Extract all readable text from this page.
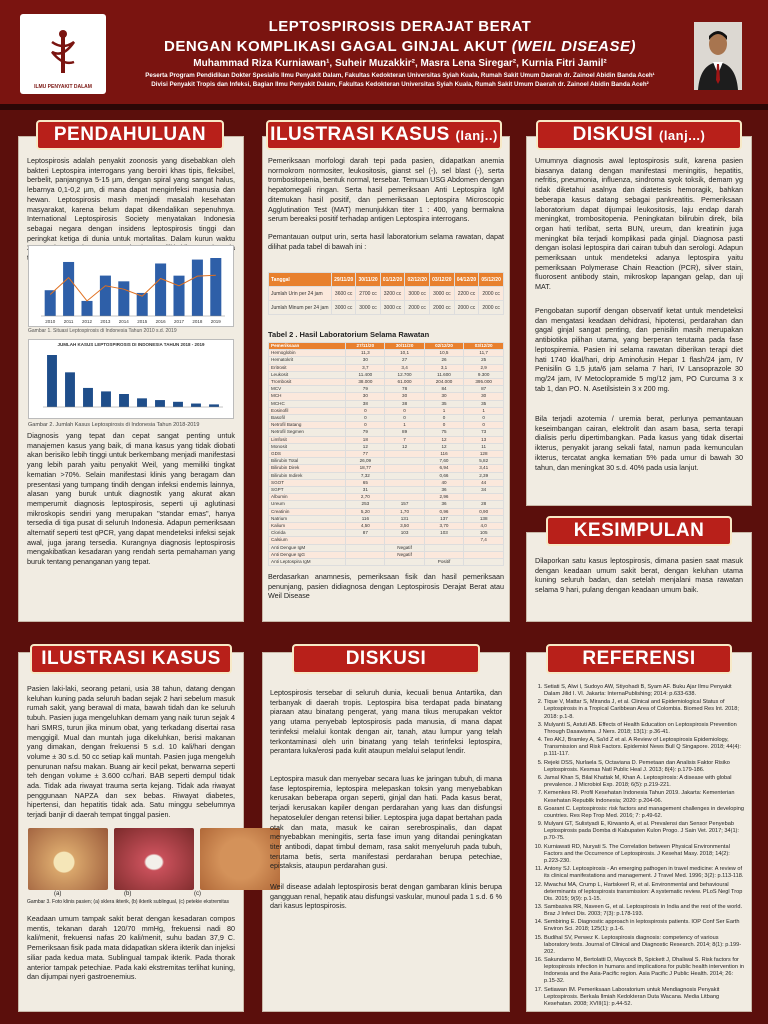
ILMU PENYAKIT DALAM
LEPTOSPIROSIS DERAJAT BERAT
DENGAN KOMPLIKASI GAGAL GINJAL AKUT (WEIL DISEASE)
Muhammad Riza Kurniawan¹, Suheir Muzakkir², Masra Lena Siregar², Kurnia Fitri Jamil²
Peserta Program Pendidikan Dokter Spesialis Ilmu Penyakit Dalam, Fakultas Kedokteran Universitas Syiah Kuala, Rumah Sakit Umum Daerah dr. Zainoel Abidin Banda Aceh¹
Divisi Penyakit Tropis dan Infeksi, Bagian Ilmu Penyakit Dalam, Fakultas Kedokteran Universitas Syiah Kuala, Rumah Sakit Umum Daerah dr. Zainoel Abidin Banda Aceh²
PENDAHULUAN
Leptospirosis adalah penyakit zoonosis yang disebabkan oleh bakteri Leptospira interrogans yang beroiri khas tipis, fleksibel, berbelit, panjangnya 5-15 µm, dengan spiral yang sangat halus, lebarnya 0,1-0,2 µm, di mana dapat menginfeksi manusia dan hewan. Leptospirosis masih menjadi masalah kesehatan masyarakat, karena belum dapat dikendalikan sepenuhnya. International Leptospirosis Society menyatakan Indonesia sebagai negara dengan insidens leptospirosis tinggi dan peringkat ketiga di dunia untuk mortalitas. Dalam kurun waktu
2010 2011 2012 2013 2014 2015 2016 2017 2018 2019
Gambar 1. Situasi Leptospirosis di Indonesia Tahun 2010 s.d. 2019
JUMLAH KASUS LEPTOSPIROSIS DI INDONESIA TAHUN 2018 - 2019
Gambar 2. Jumlah Kasus Leptospirosis di Indonesia Tahun 2018-2019
Diagnosis yang tepat dan cepat sangat penting untuk manajemen kasus yang baik, di mana kasus yang tidak diobati akan berisiko lebih tinggi untuk berkembang menjadi manifestasi yang lebih parah yaitu penyakit Weil, yang memiliki tingkat kematian >70%. Selain manifestasi klinis yang beragam dan presentasi yang tumpang tindih dengan infeksi endemis lainnya, alasan yang buruk untuk diagnostik yang akurat akan memperumit diagnosis leptospirosis, seperti uji aglutinasi mikroskopis sendiri yang merupakan "standar emas", hanya tersedia di tiga pusat di seluruh Indonesia. Adapun pemeriksaan alternatif seperti test qPCR, yang dapat mendeteksi infeksi sejak awal, juga jarang tersedia. Kurangnya diagnosis leptospirosis mengakibatkan kesadaran yang rendah serta pemahaman yang buruk tentang penanganan yang tepat.
ILUSTRASI KASUS (lanj..)
Pemeriksaan morfologi darah tepi pada pasien, didapatkan anemia normokrom normositer, leukositosis, gianst sel (-), sel blast (-), serta trombositopenia, bentuk normal, tersebar. Temuan USG Abdomen dengan hepatomegali ringan. Serta hasil pemeriksaan Anti Leptospira IgM ditemukan hasil positif, dan pemeriksaan Leptospira Microscopic Agglutination Test (MAT) menunjukkan titer 1 : 400, yang bermakna serum bereaksi positif terhadap antigen Leptospira interrogans.
Pemantauan output urin, serta hasil laboratorium selama rawatan, dapat dilihat pada tabel di bawah ini :
Tanggal	29/11/20	30/11/20	01/12/20	02/12/20	03/12/20	04/12/20	05/12/20
Jumlah Urin per 24 jam	3600 cc	2700 cc	3200 cc	3000 cc	3000 cc	2200 cc	2000 cc
Jumlah Minum per 24 jam	3000 cc	3000 cc	3000 cc	2000 cc	2000 cc	2000 cc	2000 cc
Tabel 2 . Hasil Laboratorium Selama Rawatan
Pemeriksaan	27/11/20	30/11/20	02/12/20	03/12/20
Hemoglobin	11,3	10,1	10,5	11,7
Hematokrit	30	27	26	25
Eritrosit	3,7	3,4	3,1	2,9
Leukosit	11.400	12.700	11.600	9.300
Trombosit	38.000	61.000	204.000	395.000
MCV	79	78	84	87
MCH	30	30	30	30
MCHC	38	38	35	35
Eosinofil	0	0	1	1
Basofil	0	0	0	0
Netrofil Batang	0	1	0	0
Netrofil Segmen	79	89	75	73
Limfosit	18	7	12	13
Monosit	12	12	12	11
GDS	77		116	128
Bilirubin Total	26,09		7,60	5,82
Bilirubin Direk	18,77		6,94	3,41
Bilirubin Indirek	7,32		0,66	2,39
SGOT	65		40	44
SGPT	31		36	34
Albumin	2,70		2,96	
Ureum	253	157	36	28
Creatinin	5,20	1,70	0,96	0,90
Natrium	116	131	137	138
Kalium	4,50	3,50	3,70	4,0
Clorida	87	103	103	105
Calsium				7,4
Anti Dengue IgM		Negatif		
Anti Dengue IgG		Negatif		
Anti Leptospira IgM			Positif	
Berdasarkan anamnesis, pemeriksaan fisik dan hasil pemeriksaan penunjang, pasien didiagnosa dengan Leptospirosis Derajat Berat atau Weil Disease
DISKUSI (lanj...)
Umumnya diagnosis awal leptospirosis sulit, karena pasien biasanya datang dengan manifestasi meningitis, hepatitis, nefritis, pneumonia, influenza, sindroma syok toksik, demam yg tidak diketahui asalnya dan diatetesis hemoragik, bahkan beberapa kasus datang sebagai pankreatitis. Pemeriksaan laboratorium dapat dijumpai leukositosis, laju endap darah meningkat, trombositopenia. Peningkatan bilirubin direk, bila organ hati terlibat, serta BUN, ureum, dan kreatinin juga meningkat bila terjadi komplikasi pada ginjal. Diagnosa pasti dengan isolasi leptospira dari cairan tubuh dan serologi. Adapun pemeriksaan untuk mendeteksi adanya leptospira yaitu pemeriksaan Polymerase Chain Reaction (PCR), silver stain, fluorosent antibody stain, mikroskop lapangan gelap, dan uji MAT.
Pengobatan suportif dengan observatif ketat untuk mendeteksi dan mengatasi keadaan dehidrasi, hipotensi, perdarahan dan gagal ginjal sangat penting, dan penisilin masih merupakan antibiotika pilihan utama, yang berperan terutama pada fase leptospiremia. Pasien ini selama rawatan diberikan terapi diet hati 1740 kkal/hari, drip Aminofusin Hepar 1 flash/24 jam, IV Penisilin G 1,5 juta/6 jam selama 7 hari, IV Lansoprazole 30 mg/24 jam, IV Metoclopramide 5 mg/12 jam, PO Curcuma 3 x tab 1, dan PO. N. Asetilsistein 3 x 200 mg.
Bila terjadi azotemia / uremia berat, perlunya pemantauan keseimbangan cairan, elektrolit dan asam basa, serta terapi dialisis perlu dipertimbangkan. Pada kasus yang tidak disertai ikterus, penyakit jarang sekali fatal, namun pada kemunculan ikterus, tercatat angka kematian 5% pada umur di bawah 30 tahun, dan meningkat 30 s.d. 40% pada usia lanjut.
KESIMPULAN
Dilaporkan satu kasus leptospirosis, dimana pasien saat masuk dengan keadaan umum sakit berat, dengan keluhan utama kuning seluruh badan, dan setelah menjalani masa rawatan selama 9 hari, pulang dengan keadaan umum baik.
ILUSTRASI KASUS
Pasien laki-laki, seorang petani, usia 38 tahun, datang dengan keluhan kuning pada seluruh badan sejak 2 hari sebelum masuk rumah sakit, yang berawal di mata, bawah tidah dan ke seluruh tubuh. Pasien juga mengeluhkan demam yang naik turun sejak 4 hari SMRS, turun jika minum obat, yang terkadang disertai rasa menggigil. Mual dan muntah juga dikeluhkan, berisi makanan yang dimakan, dengan frekuensi 5 s.d. 10 kali/hari dengan volume ± 30 s.d. 50 cc setiap kali muntah. Pasien juga mengeluh penurunan nafsu makan. Buang air kecil pekat, berwarna seperti teh dengan volume ± 3.600 cc/hari. BAB seperti dempul tidak ada. Tidak ada riwayat trauma serta kejang. Tidak ada riwayat penggunaan NAPZA dan sex bebas. Riwayat diabetes, hipertensi, dan hepatitis tidak ada. Satu minggu sebelumnya terjadi banjir di daerah tempat tinggal pasien.
(a)	(b)	(c)
Gambar 3. Foto klinis pasien; (a) sklera ikterik, (b) ikterik sublingual, (c) petekie ekstremitas
Keadaan umum tampak sakit berat dengan kesadaran compos mentis, tekanan darah 120/70 mmHg, frekuensi nadi 80 kali/menit, frekuensi nafas 20 kali/menit, suhu badan 37,9 C. Pemeriksaan fisik pada mata didapatkan sklera ikterik dan injeksi siliar pada kedua mata. Sublingual tampak ikterik. Pada thorak anterior tampak petechiae. Pada kaki ekstremitas terlihat kuning, dan dijumpai nyeri gastroenemius.
DISKUSI
Leptospirosis tersebar di seluruh dunia, kecuali benua Antartika, dan terbanyak di daerah tropis. Leptospira bisa terdapat pada binatang piaraan atau binatang pengerat, yang mana tikus merupakan vektor yang utama penyebab leptospirosis pada manusia, di mana dapat terinfeksi melalui kontak dengan air, tanah, atau lumpur yang telah terkontaminasi oleh urin binatang yang telah terinfeksi leptospira, perantara luka/erosi pada kulit ataupun melalui selaput lendir.
Leptospira masuk dan menyebar secara luas ke jaringan tubuh, di mana fase leptospiremia, leptospira melepaskan toksin yang menyebabkan kerusakan beberapa organ seperti, ginjal dan hati. Pada kasus berat, terjadi kerusakan kapiler dengan perdarahan yang luas dan disfungsi hepatoseluler dengan retensi bilier. Leptospira juga dapat bertahan pada otak dan mata, masuk ke cairan serebrospinalis, dan dapat menyebabkan meningitis, serta fase imun yang ditandai peningkatan titer antibodi, dapat timbul demam, rasa sakit menyeluruh pada tubuh, terutama betis, serta manifestasi perdarahan berupa petechiae, epistaksis, ataupun perdarahan gusi.
Weil disease adalah leptospirosis berat dengan gambaran klinis berupa gangguan renal, hepatik atau disfungsi vaskular, munoul pada 1 s.d. 6 % dari kasus leptospirosis.
REFERENSI
1. Setiati S, Alwi I, Sudoyo AW, Stiyohadi B, Syam AF. Buku Ajar Ilmu Penyakit Dalam Jilid I. VI. Jakarta: InternaPublishing; 2014: p.633-638.
2. Tique V, Mattar S, Miranda J, et al. Clinical and Epidemiological Status of Leptospirosis in a Tropical Caribbean Area of Colombia. Biomed Res Int. 2018; 2018: p.1-8.
3. Mulyanti S, Astuti AB. Effects of Health Education on Leptospirosis Prevention Through Dasawisma. J Ners. 2018; 13(1): p.36-41.
4. Teo AKJ, Bramley A, Sa'id Z et al. A Review of Leptospirosis Epidemiology, Transmission and Risk Factors. Epidemiol News Bull Q Singapore. 2018; 44(4): p.111-117.
5. Rejeki DSS, Nurlaela S, Octaviana D. Pemetaan dan Analisis Faktor Risiko Leptospirosis. Kesmas Natl Public Heal J. 2013; 8(4): p.179-186.
6. Jamal Khan S, Bilal Khattak M, Khan A. Leptospirosis: A disease with global prevalence. J Microbiol Exp. 2018; 6(5): p.219-221.
7. Kemenkes RI. Profil Kesehatan Indonesia Tahun 2019. Jakarta: Kementerian Kesehatan Republik Indonesia; 2020: p.204-06.
8. Goarant C. Leptospirosis: risk factors and management challenges in developing countries. Res Rep Trop Med. 2016; 7: p.49-62.
9. Mulyani GT, Sulistyadi E, Kirwanto A, et al. Prevalensi dan Sensor Penyebab Leptospirosis pada Domba di Kabupaten Kulon Progo. J Sain Vet. 2017; 34(1): p.70-75.
10. Kurniawati RD, Nuryati S. The Correlation between Physical Environmental Factors and the Occurrence of Leptospirosis. J Kesehat Masy. 2018; 14(2): p.223-230.
11. Antony SJ. Leptospirosis - An emerging pathogen in travel medicine: A review of its clinical manifestations and management. J Travel Med. 1996; 3(2): p.113-118.
12. Mwachui MA, Crump L, Hartskeerl R, et al. Environmental and behavioural determinants of leptospirosis transmission: A systematic review. PLoS Negl Trop Dis. 2015; 9(9): p.1-15.
13. Sambasiva RR, Naveen G, et al. Leptospirosis in India and the rest of the world. Braz J Infect Dis. 2003; 7(3): p.178-193.
14. Sembiring E. Diagnostic approach in leptospirosis patients. IOP Conf Ser Earth Environ Sci. 2018; 125(1): p.1-6.
15. Budihal SV, Perwez K. Leptospirosis diagnosis: competency of various laboratory tests. Journal of Clinical and Diagnostic Research. 2014; 8(1): p.199-202.
16. Sakundarno M, Bertolatti D, Maycock B, Spickett J, Dhaliwal S. Risk factors for leptospirosis infection in humans and implications for public health intervention in Indonesia and the Asia-Pacific region. Asia Pacific J Public Health. 2014; 26: p.15-32.
17. Setiawan IM. Pemeriksaan Laboratorium untuk Mendiagnosis Penyakit Leptospirosis. Berkala Ilmiah Kedokteran Duta Wacana. Media Litbang Kesehatan. 2008; XVIII(1): p.44-52.
